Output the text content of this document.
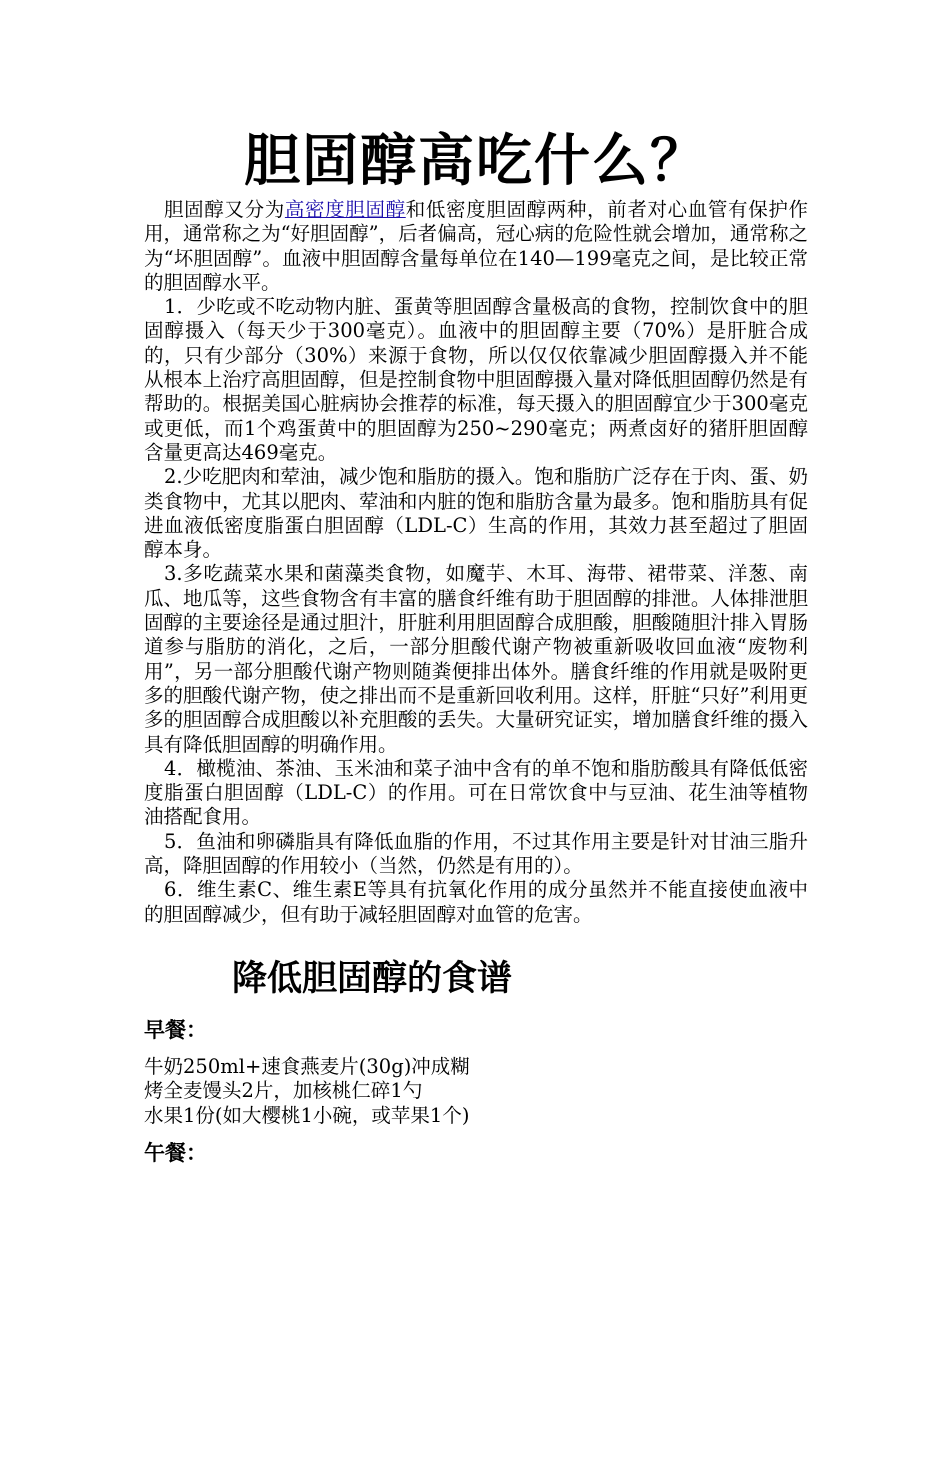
胆固醇高吃什么？

胆固醇又分为高密度胆固醇和低密度胆固醇两种，前者对心血管有保护作用，通常称之为“好胆固醇”，后者偏高，冠心病的危险性就会增加，通常称之为“坏胆固醇”。血液中胆固醇含量每单位在140—199毫克之间，是比较正常的胆固醇水平。

1．少吃或不吃动物内脏、蛋黄等胆固醇含量极高的食物，控制饮食中的胆固醇摄入（每天少于300毫克）。血液中的胆固醇主要（70%）是肝脏合成的，只有少部分（30%）来源于食物，所以仅仅依靠减少胆固醇摄入并不能从根本上治疗高胆固醇，但是控制食物中胆固醇摄入量对降低胆固醇仍然是有帮助的。根据美国心脏病协会推荐的标准，每天摄入的胆固醇宜少于300毫克或更低，而1个鸡蛋黄中的胆固醇为250~290毫克；两煮卤好的猪肝胆固醇含量更高达469毫克。

2.少吃肥肉和荤油，减少饱和脂肪的摄入。饱和脂肪广泛存在于肉、蛋、奶类食物中，尤其以肥肉、荤油和内脏的饱和脂肪含量为最多。饱和脂肪具有促进血液低密度脂蛋白胆固醇（LDL-C）生高的作用，其效力甚至超过了胆固醇本身。

3.多吃蔬菜水果和菌藻类食物，如魔芋、木耳、海带、裙带菜、洋葱、南瓜、地瓜等，这些食物含有丰富的膳食纤维有助于胆固醇的排泄。人体排泄胆固醇的主要途径是通过胆汁，肝脏利用胆固醇合成胆酸，胆酸随胆汁排入胃肠道参与脂肪的消化，之后，一部分胆酸代谢产物被重新吸收回血液“废物利用”，另一部分胆酸代谢产物则随粪便排出体外。膳食纤维的作用就是吸附更多的胆酸代谢产物，使之排出而不是重新回收利用。这样，肝脏“只好”利用更多的胆固醇合成胆酸以补充胆酸的丢失。大量研究证实，增加膳食纤维的摄入具有降低胆固醇的明确作用。

4．橄榄油、茶油、玉米油和菜子油中含有的单不饱和脂肪酸具有降低低密度脂蛋白胆固醇（LDL-C）的作用。可在日常饮食中与豆油、花生油等植物油搭配食用。

5．鱼油和卵磷脂具有降低血脂的作用，不过其作用主要是针对甘油三脂升高，降胆固醇的作用较小（当然，仍然是有用的）。

6．维生素C、维生素E等具有抗氧化作用的成分虽然并不能直接使血液中的胆固醇减少，但有助于减轻胆固醇对血管的危害。

降低胆固醇的食谱
早餐：
牛奶250ml+速食燕麦片(30g)冲成糊
烤全麦馒头2片，加核桃仁碎1勺
水果1份(如大樱桃1小碗，或苹果1个)
午餐：
